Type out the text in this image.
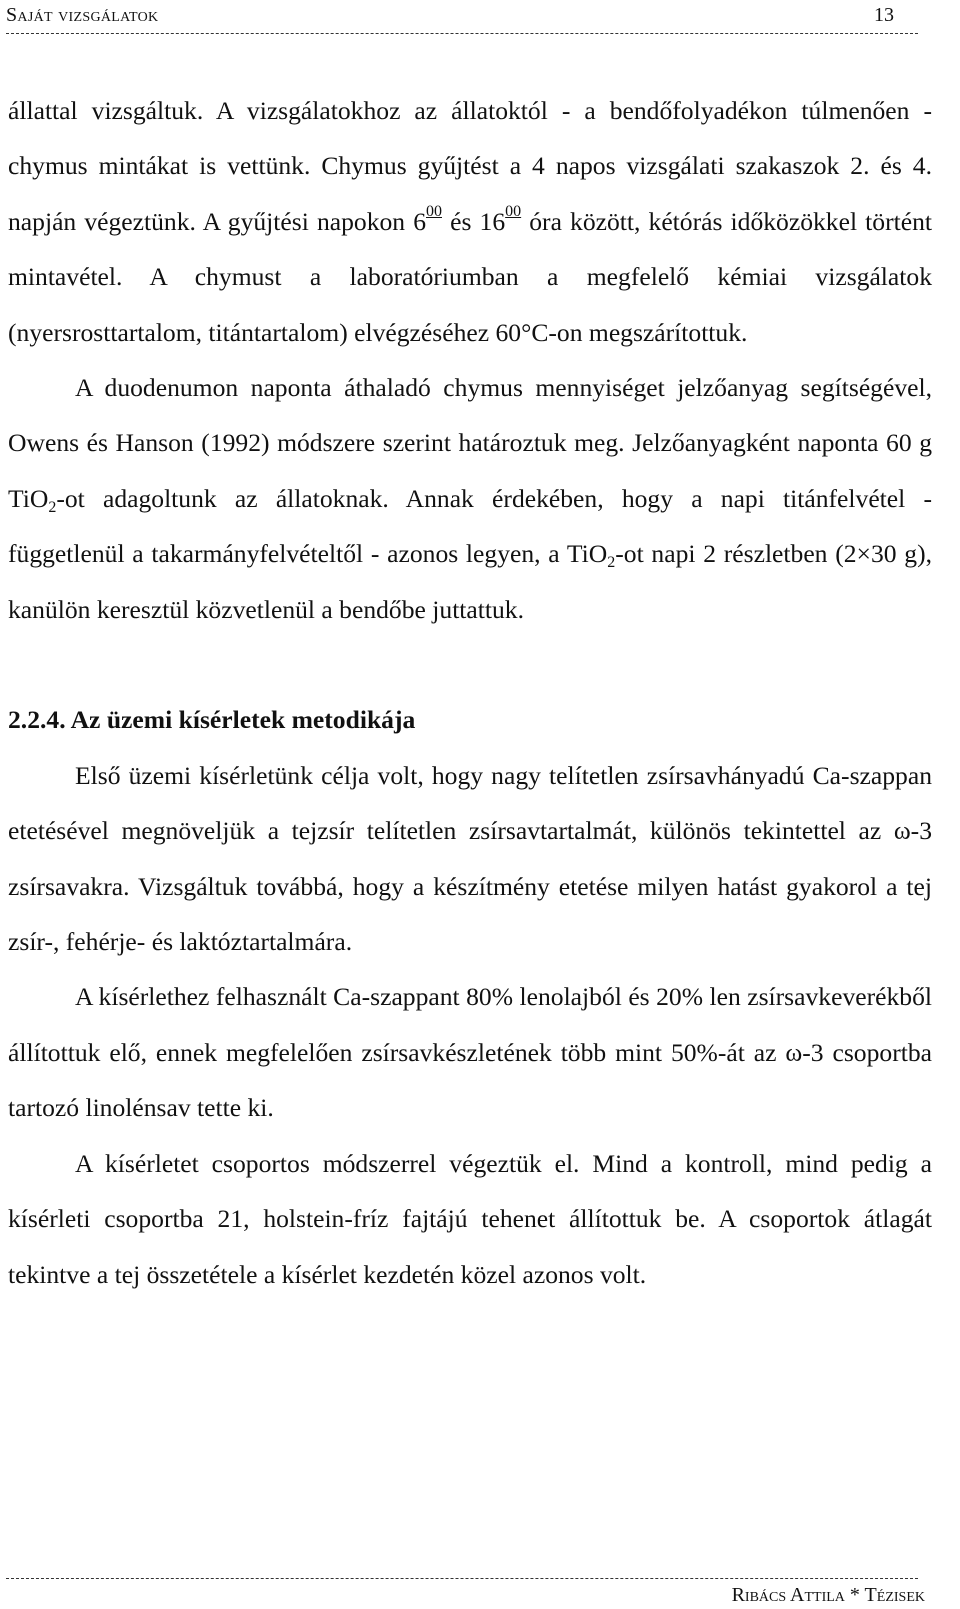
Saját vizsgálatok	13

állattal vizsgáltuk. A vizsgálatokhoz az állatoktól - a bendőfolyadékon túlmenően - chymus mintákat is vettünk. Chymus gyűjtést a 4 napos vizsgálati szakaszok 2. és 4. napján végeztünk. A gyűjtési napokon $6^{00}$ és $16^{00}$ óra között, kétórás időközökkel történt mintavétel. A chymust a laboratóriumban a megfelelő kémiai vizsgálatok (nyersrosttartalom, titántartalom) elvégzéséhez 60°C-on megszárítottuk.

A duodenumon naponta áthaladó chymus mennyiséget jelzőanyag segítségével, Owens és Hanson (1992) módszere szerint határoztuk meg. Jelzőanyagként naponta 60 g TiO2-ot adagoltunk az állatoknak. Annak érdekében, hogy a napi titánfelvétel - függetlenül a takarmányfelvételtől - azonos legyen, a TiO2-ot napi 2 részletben (2×30 g), kanülön keresztül közvetlenül a bendőbe juttattuk.

2.2.4. Az üzemi kísérletek metodikája

Első üzemi kísérletünk célja volt, hogy nagy telítetlen zsírsavhányadú Ca-szappan etetésével megnöveljük a tejzsír telítetlen zsírsavtartalmát, különös tekintettel az ω-3 zsírsavakra. Vizsgáltuk továbbá, hogy a készítmény etetése milyen hatást gyakorol a tej zsír-, fehérje- és laktóztartalmára.

A kísérlethez felhasznált Ca-szappant 80% lenolajból és 20% len zsírsavkeverékből állítottuk elő, ennek megfelelően zsírsavkészletének több mint 50%-át az ω-3 csoportba tartozó linolénsav tette ki.

A kísérletet csoportos módszerrel végeztük el. Mind a kontroll, mind pedig a kísérleti csoportba 21, holstein-fríz fajtájú tehenet állítottuk be. A csoportok átlagát tekintve a tej összetétele a kísérlet kezdetén közel azonos volt.

Ribács Attila * Tézisek
